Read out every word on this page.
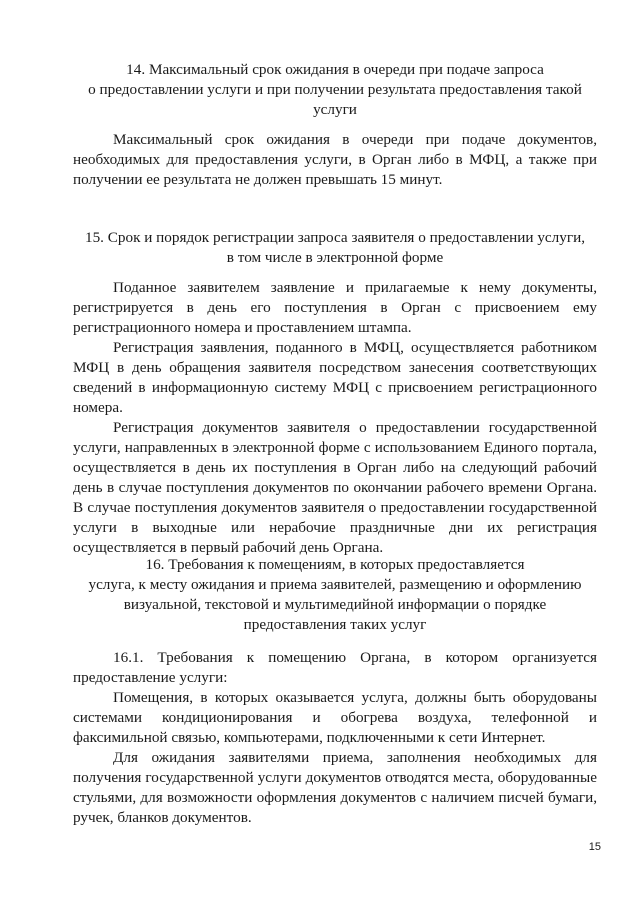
14. Максимальный срок ожидания в очереди при подаче запроса
о предоставлении услуги и при получении результата предоставления такой
услуги

Максимальный срок ожидания в очереди при подаче документов, необходимых для предоставления услуги, в Орган либо в МФЦ, а также при получении ее результата не должен превышать 15 минут.

15. Срок и порядок регистрации запроса заявителя о предоставлении услуги,
в том числе в электронной форме

Поданное заявителем заявление и прилагаемые к нему документы, регистрируется в день его поступления в Орган с присвоением ему регистрационного номера и проставлением штампа.

Регистрация заявления, поданного в МФЦ, осуществляется работником МФЦ в день обращения заявителя посредством занесения соответствующих сведений в информационную систему МФЦ с присвоением регистрационного номера.

Регистрация документов заявителя о предоставлении государственной услуги, направленных в электронной форме с использованием Единого портала, осуществляется в день их поступления в Орган либо на следующий рабочий день в случае поступления документов по окончании рабочего времени Органа. В случае поступления документов заявителя о предоставлении государственной услуги в выходные или нерабочие праздничные дни их регистрация осуществляется в первый рабочий день Органа.

16. Требования к помещениям, в которых предоставляется
услуга, к месту ожидания и приема заявителей, размещению и оформлению
визуальной, текстовой и мультимедийной информации о порядке
предоставления таких услуг

16.1. Требования к помещению Органа, в котором организуется предоставление услуги:

Помещения, в которых оказывается услуга, должны быть оборудованы системами кондиционирования и обогрева воздуха, телефонной и факсимильной связью, компьютерами, подключенными к сети Интернет.

Для ожидания заявителями приема, заполнения необходимых для получения государственной услуги документов отводятся места, оборудованные стульями, для возможности оформления документов с наличием писчей бумаги, ручек, бланков документов.

15
